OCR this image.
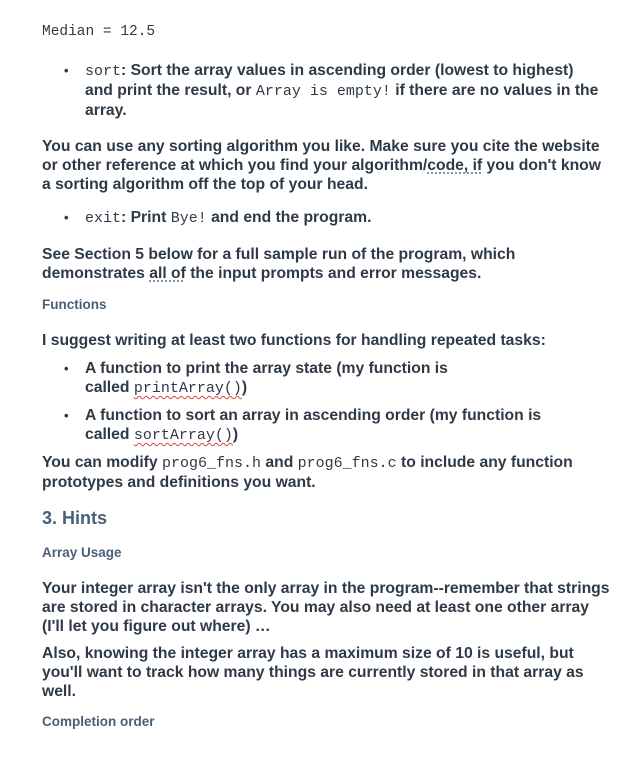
Median = 12.5
• sort: Sort the array values in ascending order (lowest to highest) and print the result, or Array is empty! if there are no values in the array.

You can use any sorting algorithm you like. Make sure you cite the website or other reference at which you find your algorithm/code, if you don't know a sorting algorithm off the top of your head.

• exit: Print Bye! and end the program.

See Section 5 below for a full sample run of the program, which demonstrates all of the input prompts and error messages.

Functions

I suggest writing at least two functions for handling repeated tasks:

• A function to print the array state (my function is called printArray())
• A function to sort an array in ascending order (my function is called sortArray())

You can modify prog6_fns.h and prog6_fns.c to include any function prototypes and definitions you want.

3. Hints
Array Usage

Your integer array isn't the only array in the program--remember that strings are stored in character arrays. You may also need at least one other array (I'll let you figure out where) …

Also, knowing the integer array has a maximum size of 10 is useful, but you'll want to track how many things are currently stored in that array as well.

Completion order
